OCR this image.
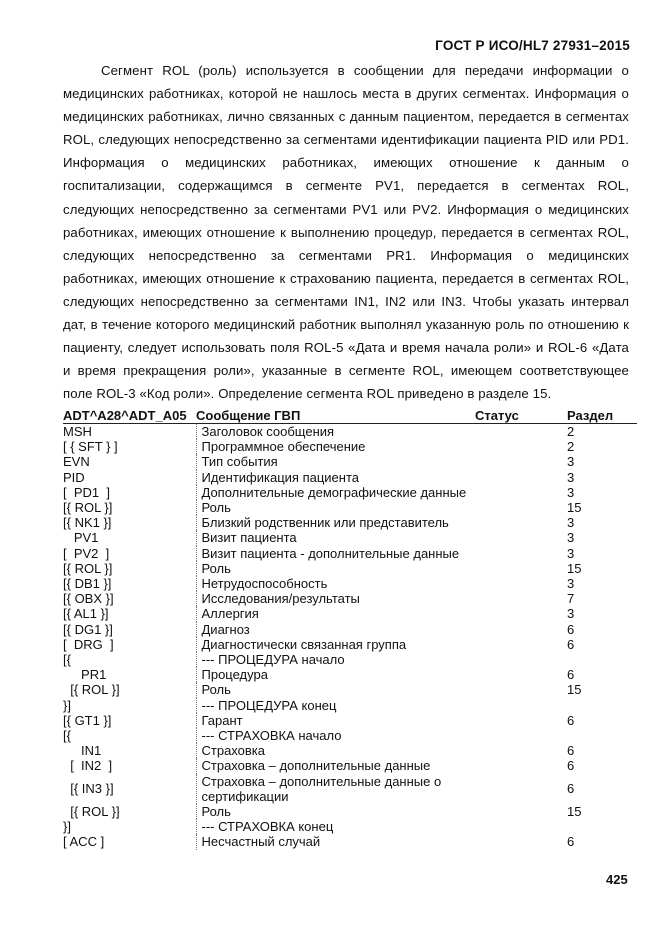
ГОСТ Р ИСО/HL7 27931–2015
Сегмент ROL (роль) используется в сообщении для передачи информации о медицинских работниках, которой не нашлось места в других сегментах. Информация о медицинских работниках, лично связанных с данным пациентом, передается в сегментах ROL, следующих непосредственно за сегментами идентификации пациента PID или PD1. Информация о медицинских работниках, имеющих отношение к данным о госпитализации, содержащимся в сегменте PV1, передается в сегментах ROL, следующих непосредственно за сегментами PV1 или PV2. Информация о медицинских работниках, имеющих отношение к выполнению процедур, передается в сегментах ROL, следующих непосредственно за сегментами PR1. Информация о медицинских работниках, имеющих отношение к страхованию пациента, передается в сегментах ROL, следующих непосредственно за сегментами IN1, IN2 или IN3. Чтобы указать интервал дат, в течение которого медицинский работник выполнял указанную роль по отношению к пациенту, следует использовать поля ROL-5 «Дата и время начала роли» и ROL-6 «Дата и время прекращения роли», указанные в сегменте ROL, имеющем соответствующее поле ROL-3 «Код роли». Определение сегмента ROL приведено в разделе 15.
ADT^A28^ADT_A05	Сообщение ГВП	Статус	Раздел
MSH	Заголовок сообщения		2
[ { SFT } ]	Программное обеспечение		2
EVN	Тип события		3
PID	Идентификация пациента		3
[  PD1  ]	Дополнительные демографические данные		3
[{ ROL }]	Роль		15
[{ NK1 }]	Близкий родственник или представитель		3
PV1	Визит пациента		3
[  PV2  ]	Визит пациента - дополнительные данные		3
[{ ROL }]	Роль		15
[{ DB1 }]	Нетрудоспособность		3
[{ OBX }]	Исследования/результаты		7
[{ AL1 }]	Аллергия		3
[{ DG1 }]	Диагноз		6
[  DRG  ]	Диагностически связанная группа		6
[{	--- ПРОЦЕДУРА начало		
PR1	Процедура		6
[{ ROL }]	Роль		15
}]	--- ПРОЦЕДУРА конец		
[{ GT1 }]	Гарант		6
[{	--- СТРАХОВКА начало		
IN1	Страховка		6
[  IN2  ]	Страховка – дополнительные данные		6
[{ IN3 }]	Страховка – дополнительные данные о сертификации		6
[{ ROL }]	Роль		15
}]	--- СТРАХОВКА конец		
[ ACC ]	Несчастный случай		6
425
